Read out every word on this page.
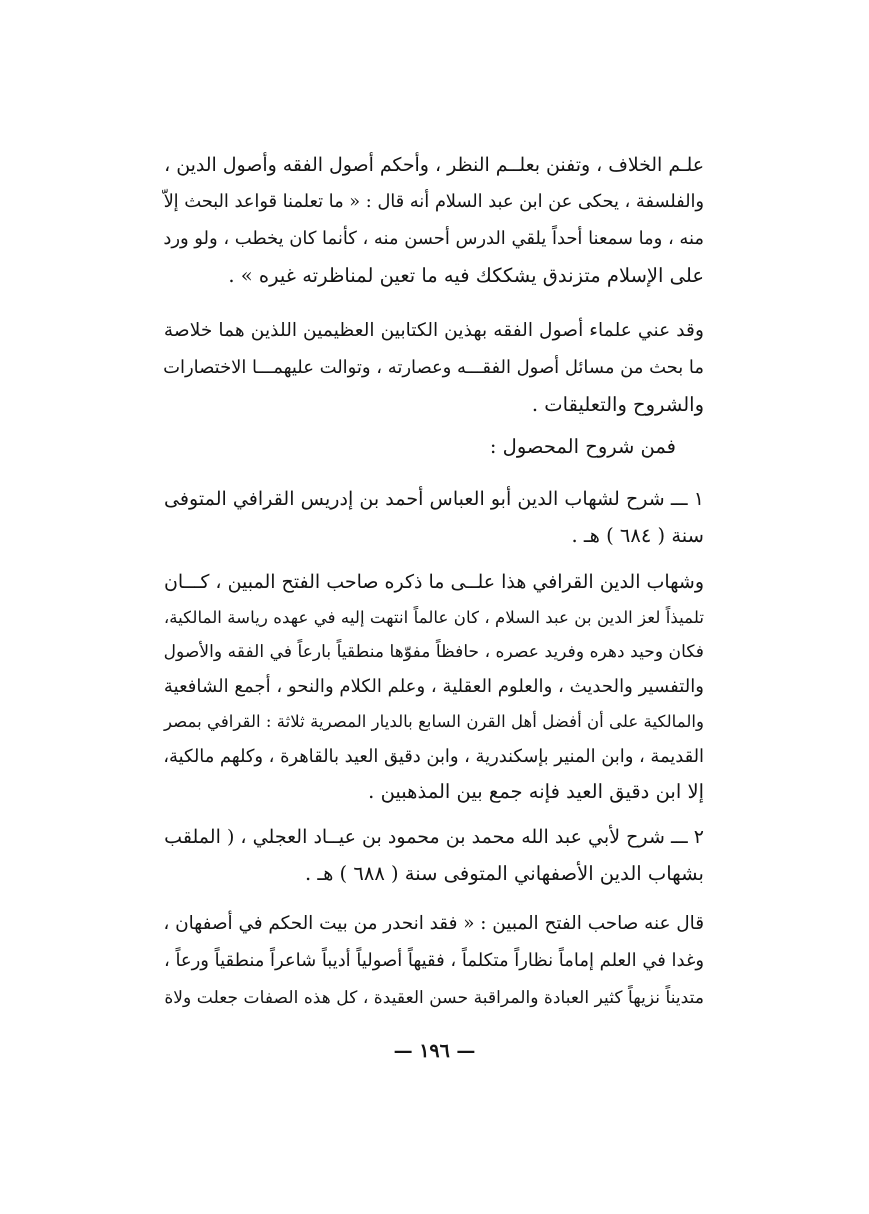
علـم الخلاف ، وتفنن بعلــم النظر ، وأحكم أصول الفقه وأصول الدين ،
والفلسفة ، يحكى عن ابن عبد السلام أنه قال : « ما تعلمنا قواعد البحث إلاّ
منه ، وما سمعنا أحداً يلقي الدرس أحسن منه ، كأنما كان يخطب ، ولو ورد
على الإسلام متزندق يشككك فيه ما تعين لمناظرته غيره » .
وقد عني علماء أصول الفقه بهذين الكتابين العظيمين اللذين هما خلاصة
ما بحث من مسائل أصول الفقـــه وعصارته ، وتوالت عليهمـــا الاختصارات
والشروح والتعليقات .
فمن شروح المحصول :
١ ـــ شرح لشهاب الدين أبو العباس أحمد بن إدريس القرافي المتوفى
سنة ( ٦٨٤ ) هـ .
وشهاب الدين القرافي هذا علــى ما ذكره صاحب الفتح المبين ، كـــان
تلميذاً لعز الدين بن عبد السلام ، كان عالماً انتهت إليه في عهده رياسة المالكية،
فكان وحيد دهره وفريد عصره ، حافظاً مفوّها منطقياً بارعاً في الفقه والأصول
والتفسير والحديث ، والعلوم العقلية ، وعلم الكلام والنحو ، أجمع الشافعية
والمالكية على أن أفضل أهل القرن السابع بالديار المصرية ثلاثة : القرافي بمصر
القديمة ، وابن المنير بإسكندرية ، وابن دقيق العيد بالقاهرة ، وكلهم مالكية،
إلا ابن دقيق العيد فإنه جمع بين المذهبين .
٢ ـــ شرح لأبي عبد الله محمد بن محمود بن عيــاد العجلي ، ( الملقب
بشهاب الدين الأصفهاني المتوفى سنة ( ٦٨٨ ) هـ .
قال عنه صاحب الفتح المبين : « فقد انحدر من بيت الحكم في أصفهان ،
وغدا في العلم إماماً نظاراً متكلماً ، فقيهاً أصولياً أديباً شاعراً منطقياً ورعاً ،
متديناً نزيهاً كثير العبادة والمراقبة حسن العقيدة ، كل هذه الصفات جعلت ولاة
— ١٩٦ —
